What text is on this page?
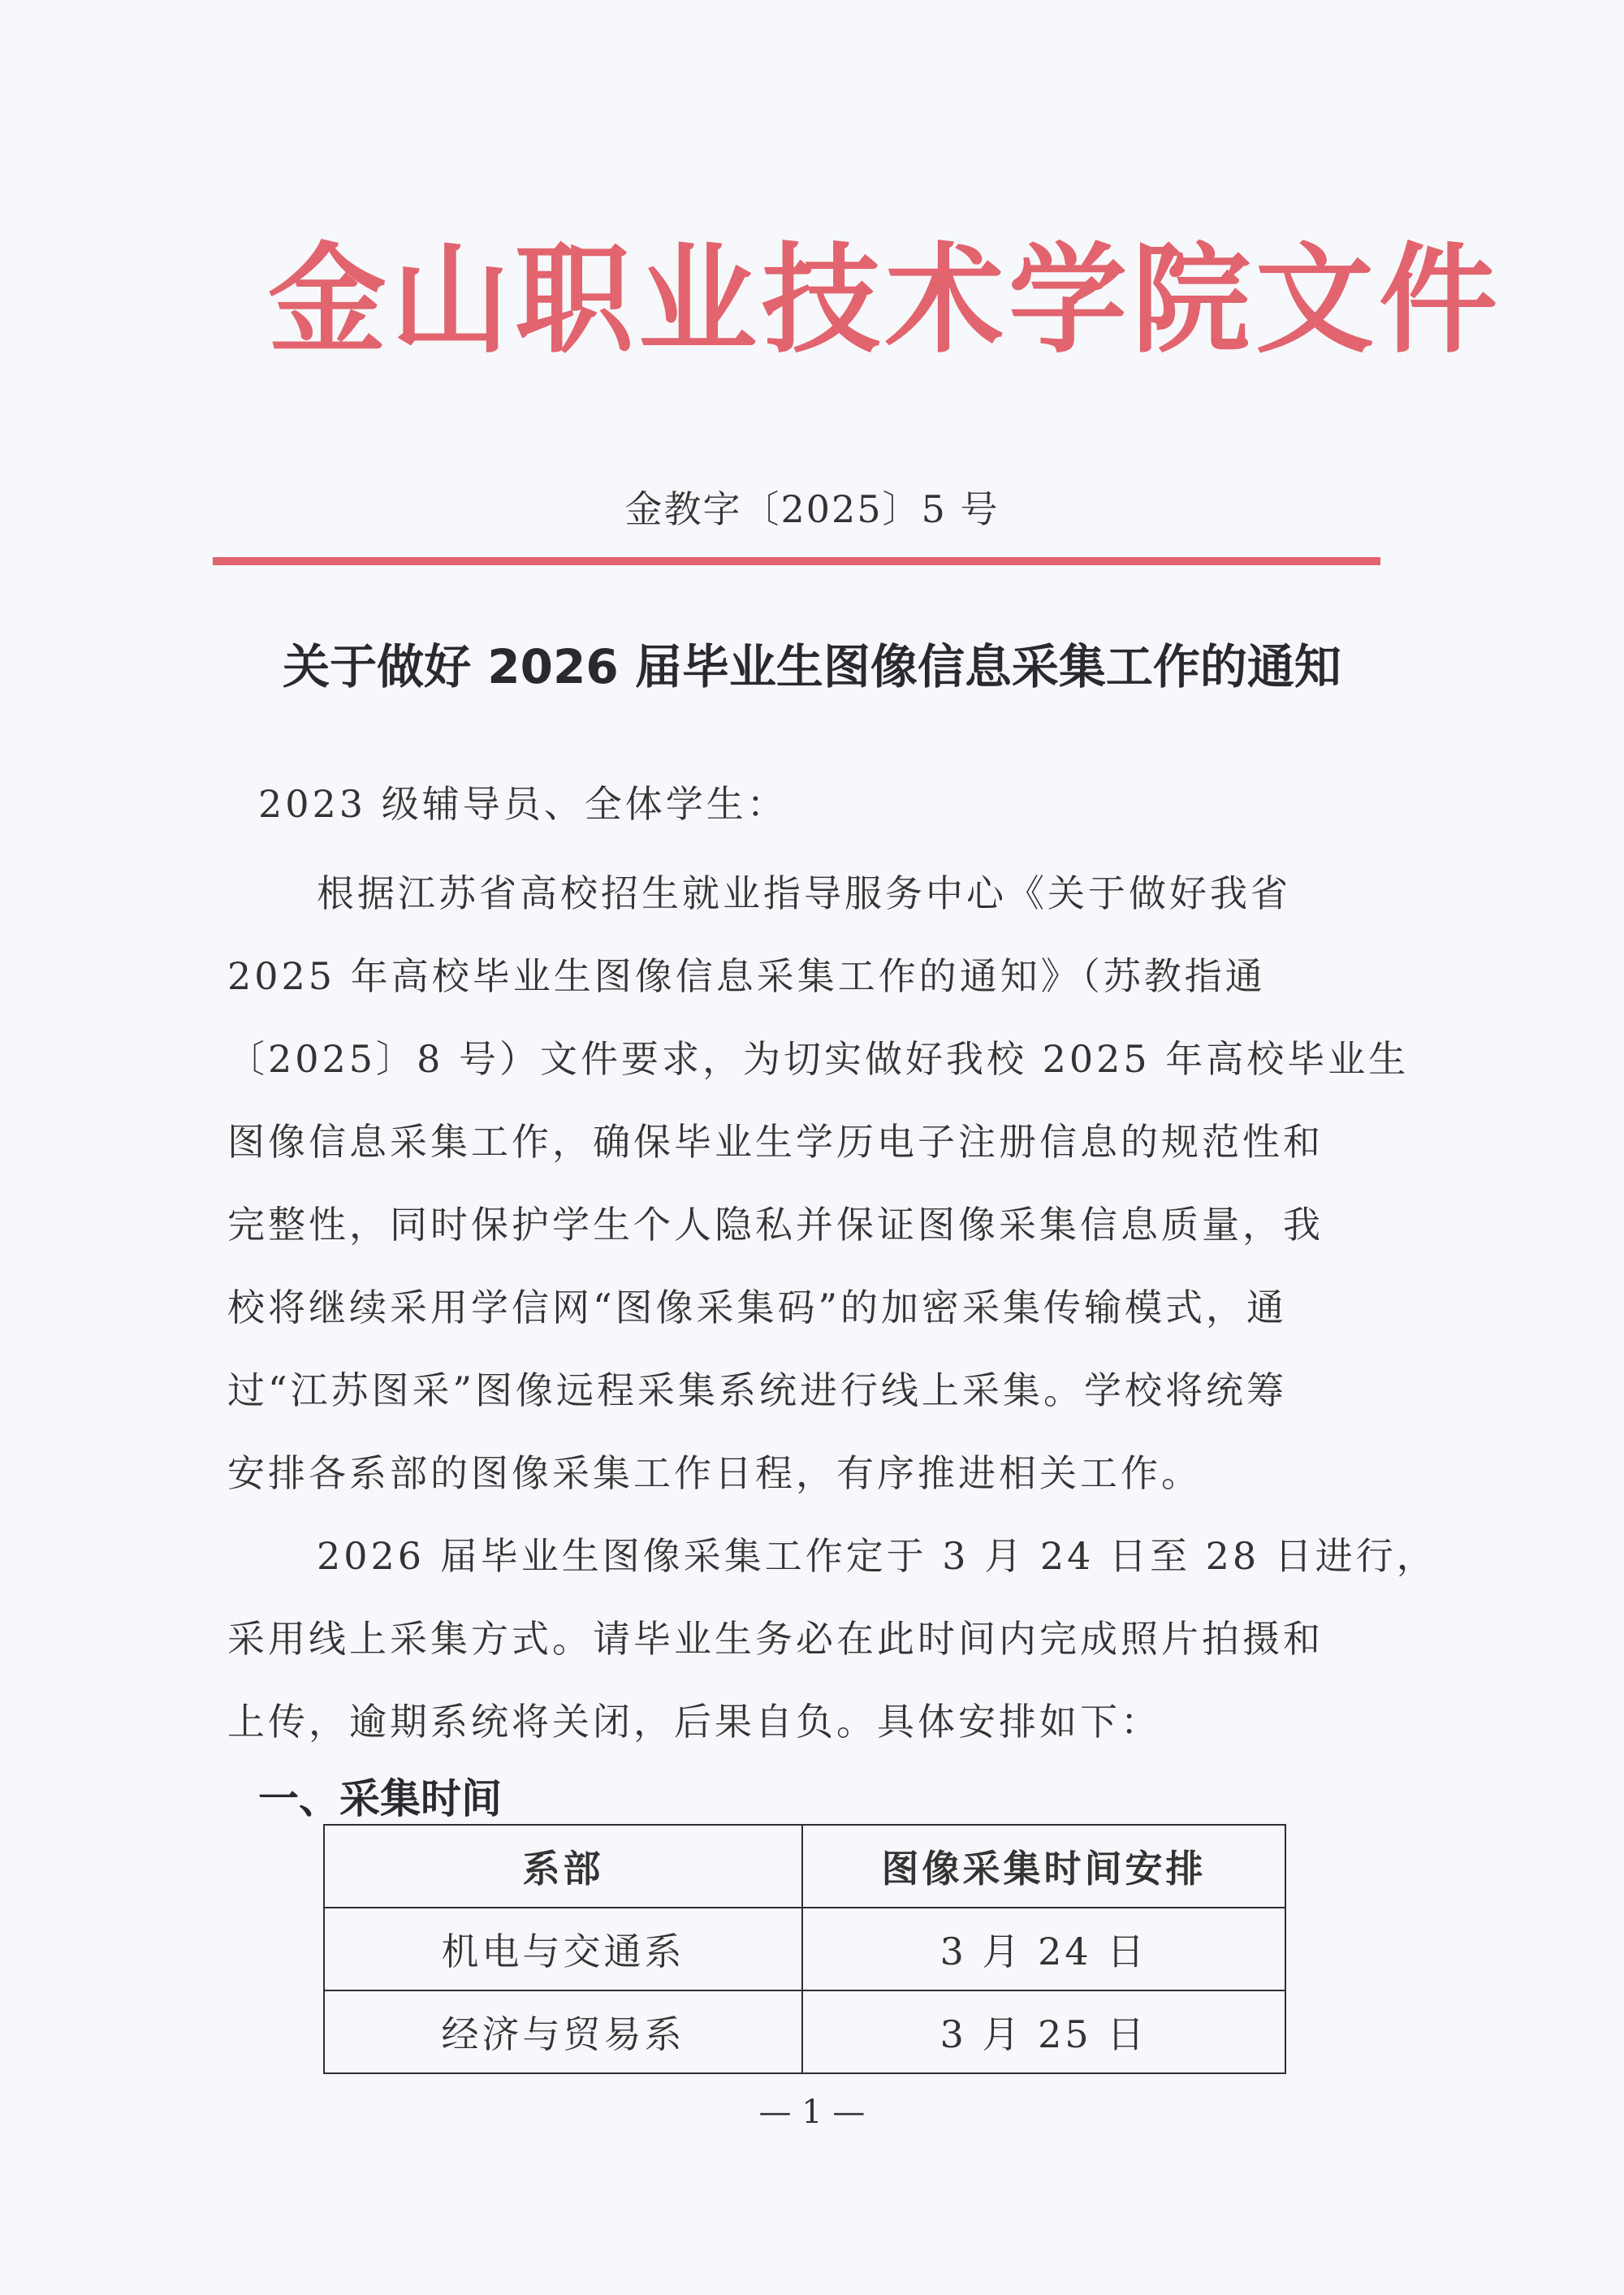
金山职业技术学院文件
金教字〔2025〕5 号
关于做好 2026 届毕业生图像信息采集工作的通知
2023 级辅导员、全体学生：
根据江苏省高校招生就业指导服务中心《关于做好我省
2025 年高校毕业生图像信息采集工作的通知》（苏教指通
〔2025〕8 号）文件要求，为切实做好我校 2025 年高校毕业生
图像信息采集工作，确保毕业生学历电子注册信息的规范性和
完整性，同时保护学生个人隐私并保证图像采集信息质量，我
校将继续采用学信网“图像采集码”的加密采集传输模式，通
过“江苏图采”图像远程采集系统进行线上采集。学校将统筹
安排各系部的图像采集工作日程，有序推进相关工作。
2026 届毕业生图像采集工作定于 3 月 24 日至 28 日进行，
采用线上采集方式。请毕业生务必在此时间内完成照片拍摄和
上传，逾期系统将关闭，后果自负。具体安排如下：
一、采集时间
系部	图像采集时间安排
机电与交通系	3 月 24 日
经济与贸易系	3 月 25 日
— 1 —
